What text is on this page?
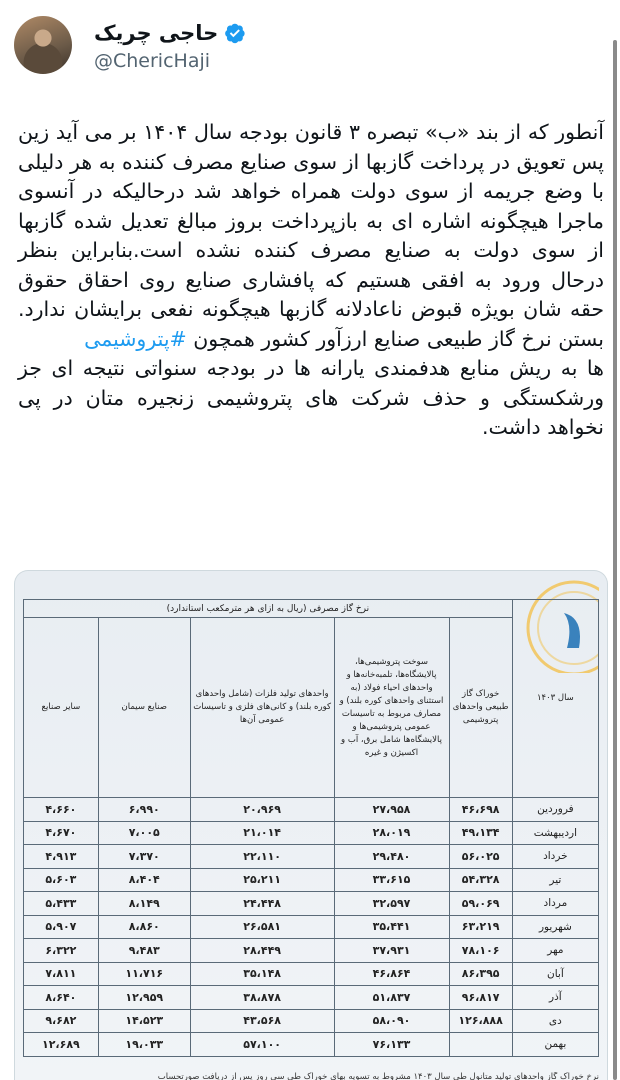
حاجی چریک
@ChericHaji
آنطور که از بند «ب» تبصره ۳ قانون بودجه سال ۱۴۰۴ بر می آید زین پس تعویق در پرداخت گازبها از سوی صنایع مصرف کننده به هر دلیلی با وضع جریمه از سوی دولت همراه خواهد شد درحالیکه در آنسوی ماجرا هیچگونه اشاره ای به بازپرداخت بروز مبالغ تعدیل شده گازبها از سوی دولت به صنایع مصرف کننده نشده است.بنابراین بنظر درحال ورود به افقی هستیم که پافشاری صنایع روی احقاق حقوق حقه شان بویژه قبوض ناعادلانه گازبها هیچگونه نفعی برایشان ندارد. بستن نرخ گاز طبیعی صنایع ارزآور کشور همچون #پتروشیمی
ها به ریش منابع هدفمندی یارانه ها در بودجه سنواتی نتیجه ای جز ورشکستگی و حذف شرکت های پتروشیمی زنجیره متان در پی نخواهد داشت.
سال ۱۴۰۳	نرخ گاز مصرفی (ریال به ازای هر مترمکعب استاندارد)				
	خوراک گاز طبیعی واحدهای پتروشیمی	سوخت پتروشیمی‌ها، پالایشگاه‌ها، تلمبه‌خانه‌ها و واحدهای احیاء فولاد (به استثنای واحدهای کوره بلند) و مصارف مربوط به تاسیسات عمومی پتروشیمی‌ها و پالایشگاه‌ها شامل برق، آب و اکسیژن و غیره	واحدهای تولید فلزات (شامل واحدهای کوره بلند) و کانی‌های فلزی و تاسیسات عمومی آن‌ها	صنایع سیمان	سایر صنایع
فروردین	۴۶،۶۹۸	۲۷،۹۵۸	۲۰،۹۶۹	۶،۹۹۰	۴،۶۶۰
اردیبهشت	۴۹،۱۳۴	۲۸،۰۱۹	۲۱،۰۱۴	۷،۰۰۵	۴،۶۷۰
خرداد	۵۶،۰۲۵	۲۹،۴۸۰	۲۲،۱۱۰	۷،۳۷۰	۴،۹۱۳
تیر	۵۴،۳۲۸	۳۳،۶۱۵	۲۵،۲۱۱	۸،۴۰۴	۵،۶۰۳
مرداد	۵۹،۰۶۹	۳۲،۵۹۷	۲۴،۴۴۸	۸،۱۴۹	۵،۴۳۳
شهریور	۶۳،۲۱۹	۳۵،۴۴۱	۲۶،۵۸۱	۸،۸۶۰	۵،۹۰۷
مهر	۷۸،۱۰۶	۳۷،۹۳۱	۲۸،۴۴۹	۹،۴۸۳	۶،۳۲۲
آبان	۸۶،۳۹۵	۴۶،۸۶۴	۳۵،۱۴۸	۱۱،۷۱۶	۷،۸۱۱
آذر	۹۶،۸۱۷	۵۱،۸۳۷	۳۸،۸۷۸	۱۲،۹۵۹	۸،۶۴۰
دی	۱۲۶،۸۸۸	۵۸،۰۹۰	۴۳،۵۶۸	۱۴،۵۲۳	۹،۶۸۲
بهمن		۷۶،۱۳۳	۵۷،۱۰۰	۱۹،۰۳۳	۱۲،۶۸۹
نرخ خوراک گاز واحدهای تولید متانول طی سال ۱۴۰۳ مشروط به تسویه بهای خوراک طی سی روز پس از دریافت صورتحساب
